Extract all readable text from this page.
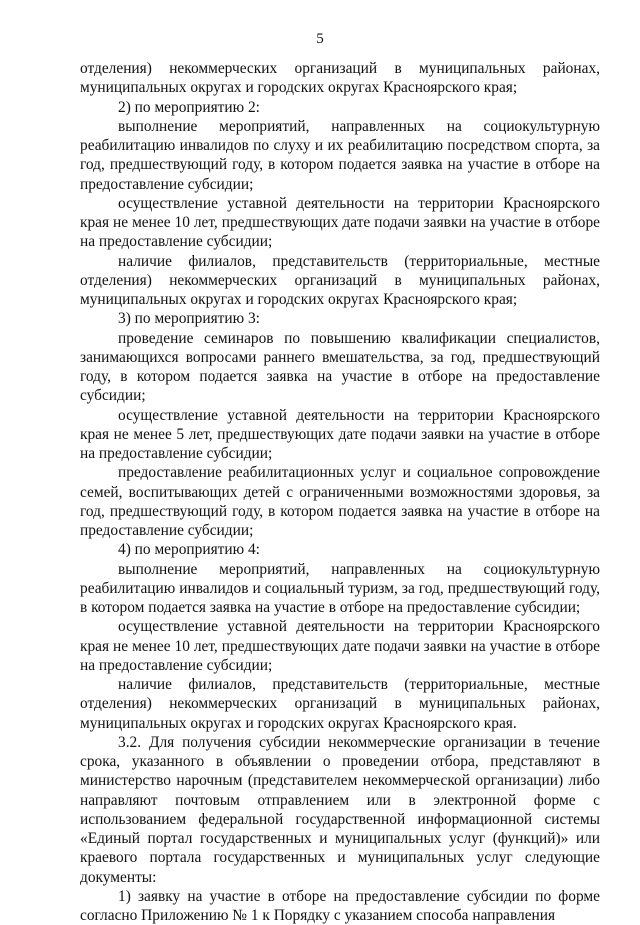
5

отделения) некоммерческих организаций в муниципальных районах, муниципальных округах и городских округах Красноярского края;

2) по мероприятию 2:

выполнение мероприятий, направленных на социокультурную реабилитацию инвалидов по слуху и их реабилитацию посредством спорта, за год, предшествующий году, в котором подается заявка на участие в отборе на предоставление субсидии;

осуществление уставной деятельности на территории Красноярского края не менее 10 лет, предшествующих дате подачи заявки на участие в отборе на предоставление субсидии;

наличие филиалов, представительств (территориальные, местные отделения) некоммерческих организаций в муниципальных районах, муниципальных округах и городских округах Красноярского края;

3) по мероприятию 3:

проведение семинаров по повышению квалификации специалистов, занимающихся вопросами раннего вмешательства, за год, предшествующий году, в котором подается заявка на участие в отборе на предоставление субсидии;

осуществление уставной деятельности на территории Красноярского края не менее 5 лет, предшествующих дате подачи заявки на участие в отборе на предоставление субсидии;

предоставление реабилитационных услуг и социальное сопровождение семей, воспитывающих детей с ограниченными возможностями здоровья, за год, предшествующий году, в котором подается заявка на участие в отборе на предоставление субсидии;

4) по мероприятию 4:

выполнение мероприятий, направленных на социокультурную реабилитацию инвалидов и социальный туризм, за год, предшествующий году, в котором подается заявка на участие в отборе на предоставление субсидии;

осуществление уставной деятельности на территории Красноярского края не менее 10 лет, предшествующих дате подачи заявки на участие в отборе на предоставление субсидии;

наличие филиалов, представительств (территориальные, местные отделения) некоммерческих организаций в муниципальных районах, муниципальных округах и городских округах Красноярского края.

3.2. Для получения субсидии некоммерческие организации в течение срока, указанного в объявлении о проведении отбора, представляют в министерство нарочным (представителем некоммерческой организации) либо направляют почтовым отправлением или в электронной форме с использованием федеральной государственной информационной системы «Единый портал государственных и муниципальных услуг (функций)» или краевого портала государственных и муниципальных услуг следующие документы:

1) заявку на участие в отборе на предоставление субсидии по форме согласно Приложению № 1 к Порядку с указанием способа направления
